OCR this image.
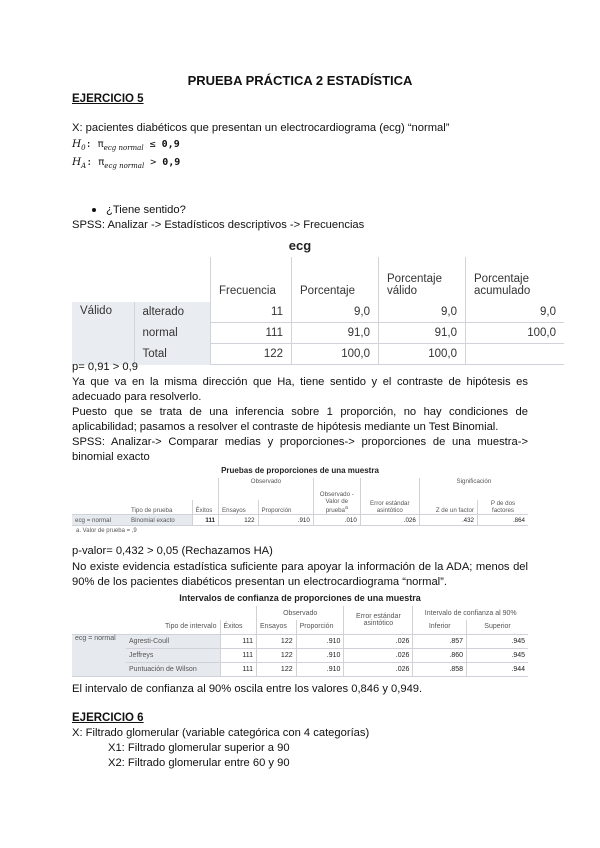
PRUEBA PRÁCTICA 2 ESTADÍSTICA
EJERCICIO 5
X: pacientes diabéticos que presentan un electrocardiograma (ecg) “normal”
$H_0$: $\pi_{ecg normal} \le 0,9$
$H_A$: $\pi_{ecg normal} > 0,9$
¿Tiene sentido?
SPSS: Analizar -> Estadísticos descriptivos -> Frecuencias
ecg
		Frecuencia	Porcentaje	Porcentaje válido	Porcentaje acumulado
Válido	alterado	11	9,0	9,0	9,0
	normal	111	91,0	91,0	100,0
	Total	122	100,0	100,0	
p= 0,91 > 0,9
Ya que va en la misma dirección que Ha, tiene sentido y el contraste de hipótesis es adecuado para resolverlo.
Puesto que se trata de una inferencia sobre 1 proporción, no hay condiciones de aplicabilidad; pasamos a resolver el contraste de hipótesis mediante un Test Binomial.
SPSS: Analizar-> Comparar medias y proporciones-> proporciones de una muestra-> binomial exacto
Pruebas de proporciones de una muestra
			Observado			Observado - Valor de prueba$^a$	Error estándar asintótico	Significación	
	Tipo de prueba	Éxitos	Ensayos	Proporción				Z de un factor	P de dos factores
ecg = normal	Binomial exacto	111	122	.910		.010	.026	.432	.864
a. Valor de prueba = ,9
p-valor= 0,432 > 0,05 (Rechazamos HA)
No existe evidencia estadística suficiente para apoyar la información de la ADA; menos del 90% de los pacientes diabéticos presentan un electrocardiograma “normal”.
Intervalos de confianza de proporciones de una muestra
			Observado		Error estándar asintótico	Intervalo de confianza al 90%	
	Tipo de intervalo	Éxitos	Ensayos	Proporción		Inferior	Superior
ecg = normal	Agresti-Coull	111	122	.910	.026	.857	.945
	Jeffreys	111	122	.910	.026	.860	.945
	Puntuación de Wilson	111	122	.910	.026	.858	.944
El intervalo de confianza al 90% oscila entre los valores 0,846 y 0,949.
EJERCICIO 6
X: Filtrado glomerular (variable categórica con 4 categorías)
X1: Filtrado glomerular superior a 90
X2: Filtrado glomerular entre 60 y 90
